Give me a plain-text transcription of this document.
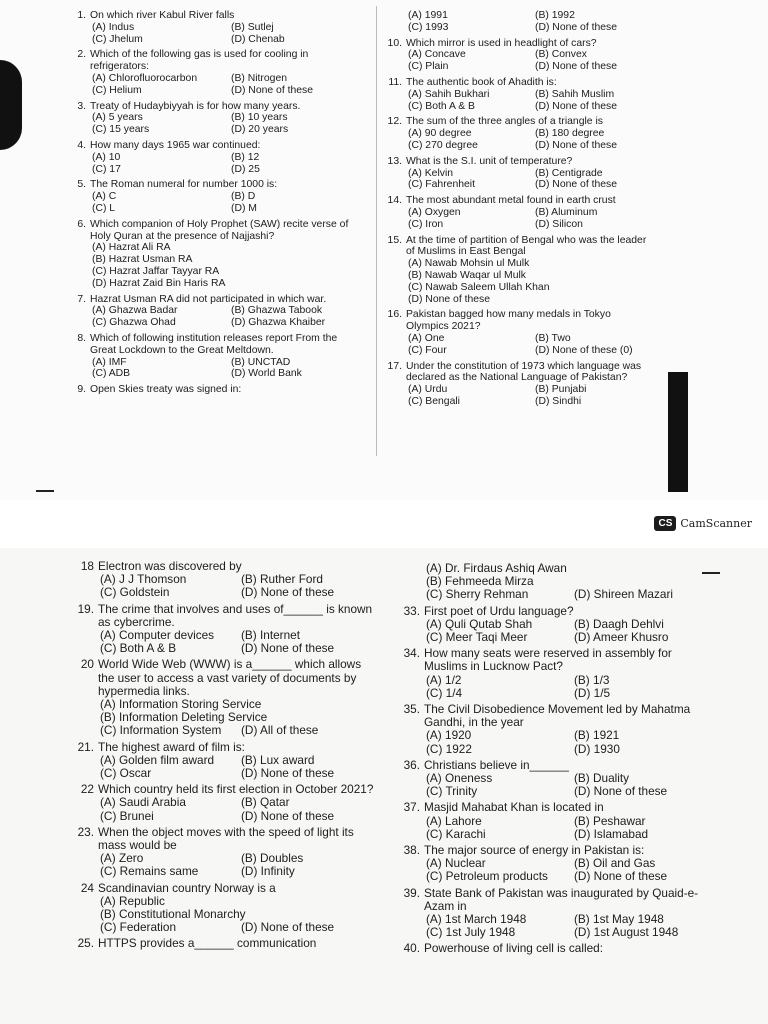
1. On which river Kabul River falls
(A) Indus	(B) Sutlej
(C) Jhelum	(D) Chenab
2. Which of the following gas is used for cooling in refrigerators:
(A) Chlorofluorocarbon	(B) Nitrogen
(C) Helium	(D) None of these
3. Treaty of Hudaybiyyah is for how many years.
(A) 5 years	(B) 10 years
(C) 15 years	(D) 20 years
4. How many days 1965 war continued:
(A) 10	(B) 12
(C) 17	(D) 25
5. The Roman numeral for number 1000 is:
(A) C	(B) D
(C) L	(D) M
6. Which companion of Holy Prophet (SAW) recite verse of Holy Quran at the presence of Najjashi?
(A) Hazrat Ali RA
(B) Hazrat Usman RA
(C) Hazrat Jaffar Tayyar RA
(D) Hazrat Zaid Bin Haris RA
7. Hazrat Usman RA did not participated in which war.
(A) Ghazwa Badar	(B) Ghazwa Tabook
(C) Ghazwa Ohad	(D) Ghazwa Khaiber
8. Which of following institution releases report From the Great Lockdown to the Great Meltdown.
(A) IMF	(B) UNCTAD
(C) ADB	(D) World Bank
9. Open Skies treaty was signed in:
(A) 1991	(B) 1992
(C) 1993	(D) None of these
10. Which mirror is used in headlight of cars?
(A) Concave	(B) Convex
(C) Plain	(D) None of these
11. The authentic book of Ahadith is:
(A) Sahih Bukhari	(B) Sahih Muslim
(C) Both A & B	(D) None of these
12. The sum of the three angles of a triangle is
(A) 90 degree	(B) 180 degree
(C) 270 degree	(D) None of these
13. What is the S.I. unit of temperature?
(A) Kelvin	(B) Centigrade
(C) Fahrenheit	(D) None of these
14. The most abundant metal found in earth crust
(A) Oxygen	(B) Aluminum
(C) Iron	(D) Silicon
15. At the time of partition of Bengal who was the leader of Muslims in East Bengal
(A) Nawab Mohsin ul Mulk
(B) Nawab Waqar ul Mulk
(C) Nawab Saleem Ullah Khan
(D) None of these
16. Pakistan bagged how many medals in Tokyo Olympics 2021?
(A) One	(B) Two
(C) Four	(D) None of these (0)
17. Under the constitution of 1973 which language was declared as the National Language of Pakistan?
(A) Urdu	(B) Punjabi
(C) Bengali	(D) Sindhi
CS CamScanner
18 Electron was discovered by
(A) J J Thomson	(B) Ruther Ford
(C) Goldstein	(D) None of these
19. The crime that involves and uses of______ is known as cybercrime.
(A) Computer devices	(B) Internet
(C) Both A & B	(D) None of these
20 World Wide Web (WWW) is a______ which allows the user to access a vast variety of documents by hypermedia links.
(A) Information Storing Service
(B) Information Deleting Service
(C) Information System	(D) All of these
21. The highest award of film is:
(A) Golden film award	(B) Lux award
(C) Oscar	(D) None of these
22 Which country held its first election in October 2021?
(A) Saudi Arabia	(B) Qatar
(C) Brunei	(D) None of these
23. When the object moves with the speed of light its mass would be
(A) Zero	(B) Doubles
(C) Remains same	(D) Infinity
24 Scandinavian country Norway is a
(A) Republic
(B) Constitutional Monarchy
(C) Federation	(D) None of these
25. HTTPS provides a______ communication
(A) Dr. Firdaus Ashiq Awan
(B) Fehmeeda Mirza
(C) Sherry Rehman	(D) Shireen Mazari
33. First poet of Urdu language?
(A) Quli Qutab Shah	(B) Daagh Dehlvi
(C) Meer Taqi Meer	(D) Ameer Khusro
34. How many seats were reserved in assembly for Muslims in Lucknow Pact?
(A) 1/2	(B) 1/3
(C) 1/4	(D) 1/5
35. The Civil Disobedience Movement led by Mahatma Gandhi, in the year
(A) 1920	(B) 1921
(C) 1922	(D) 1930
36. Christians believe in______
(A) Oneness	(B) Duality
(C) Trinity	(D) None of these
37. Masjid Mahabat Khan is located in
(A) Lahore	(B) Peshawar
(C) Karachi	(D) Islamabad
38. The major source of energy in Pakistan is:
(A) Nuclear	(B) Oil and Gas
(C) Petroleum products	(D) None of these
39. State Bank of Pakistan was inaugurated by Quaid-e-Azam in
(A) 1st March 1948	(B) 1st May 1948
(C) 1st July 1948	(D) 1st August 1948
40. Powerhouse of living cell is called:
